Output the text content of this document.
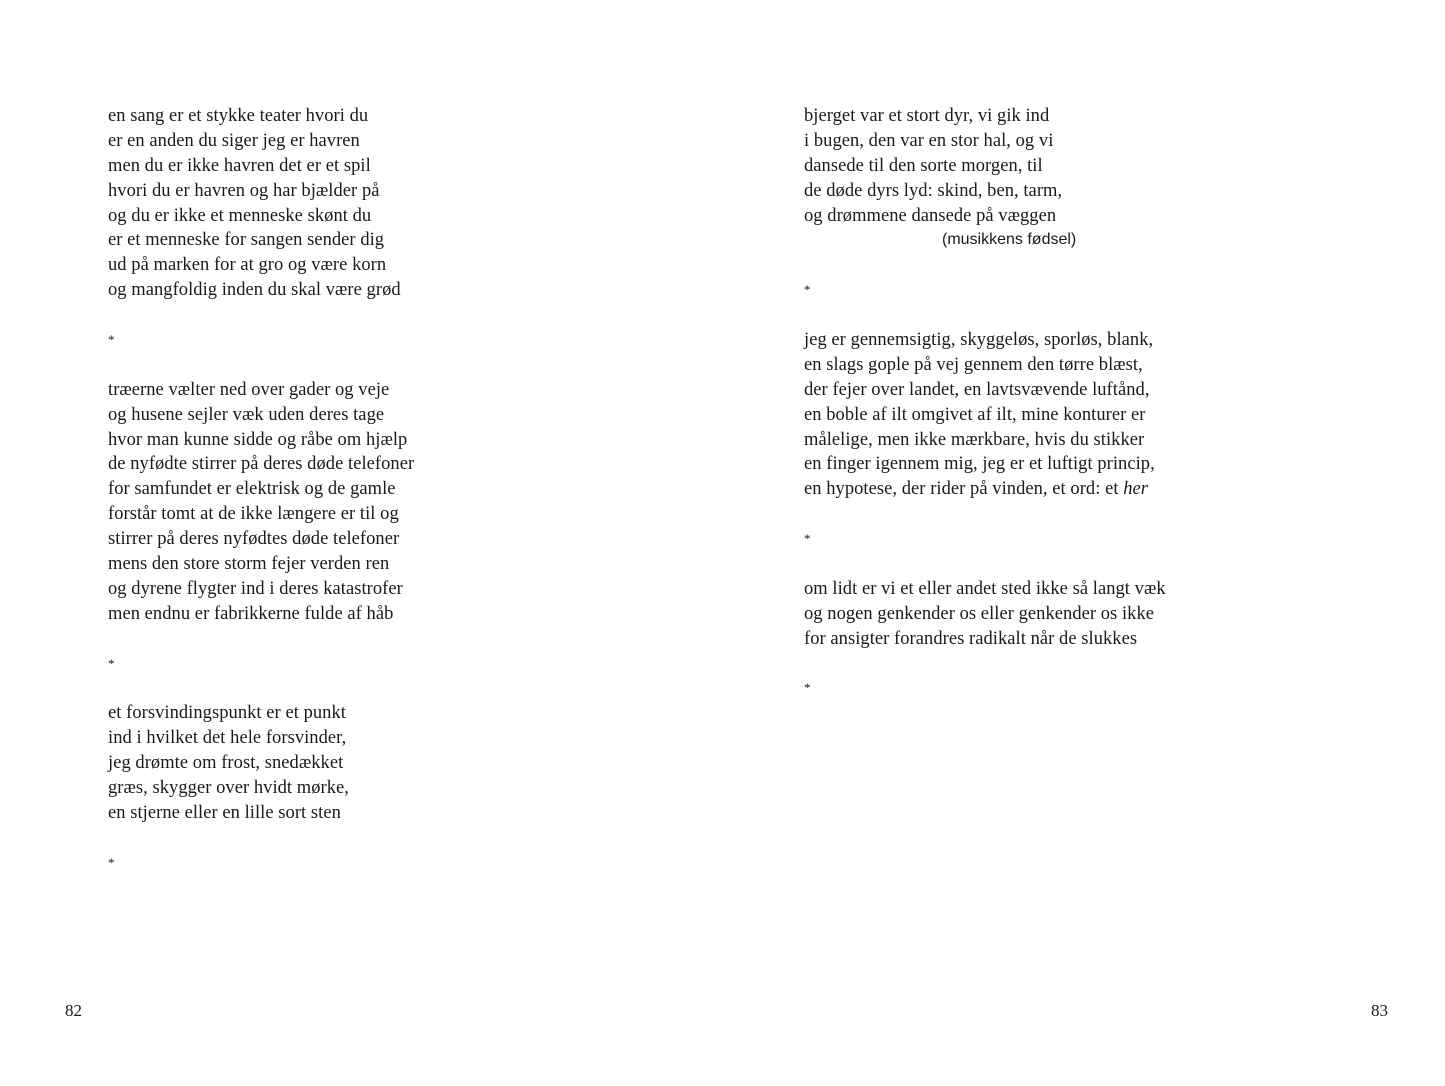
en sang er et stykke teater hvori du
er en anden du siger jeg er havren
men du er ikke havren det er et spil
hvori du er havren og har bjælder på
og du er ikke et menneske skønt du
er et menneske for sangen sender dig
ud på marken for at gro og være korn
og mangfoldig inden du skal være grød
*
træerne vælter ned over gader og veje
og husene sejler væk uden deres tage
hvor man kunne sidde og råbe om hjælp
de nyfødte stirrer på deres døde telefoner
for samfundet er elektrisk og de gamle
forstår tomt at de ikke længere er til og
stirrer på deres nyfødtes døde telefoner
mens den store storm fejer verden ren
og dyrene flygter ind i deres katastrofer
men endnu er fabrikkerne fulde af håb
*
et forsvindingspunkt er et punkt
ind i hvilket det hele forsvinder,
jeg drømte om frost, snedækket
græs, skygger over hvidt mørke,
en stjerne eller en lille sort sten
*
82
bjerget var et stort dyr, vi gik ind
i bugen, den var en stor hal, og vi
dansede til den sorte morgen, til
de døde dyrs lyd: skind, ben, tarm,
og drømmene dansede på væggen
(musikkens fødsel)
*
jeg er gennemsigtig, skyggeløs, sporløs, blank,
en slags gople på vej gennem den tørre blæst,
der fejer over landet, en lavtsvævende luftånd,
en boble af ilt omgivet af ilt, mine konturer er
målelige, men ikke mærkbare, hvis du stikker
en finger igennem mig, jeg er et luftigt princip,
en hypotese, der rider på vinden, et ord: et her
*
om lidt er vi et eller andet sted ikke så langt væk
og nogen genkender os eller genkender os ikke
for ansigter forandres radikalt når de slukkes
*
83
